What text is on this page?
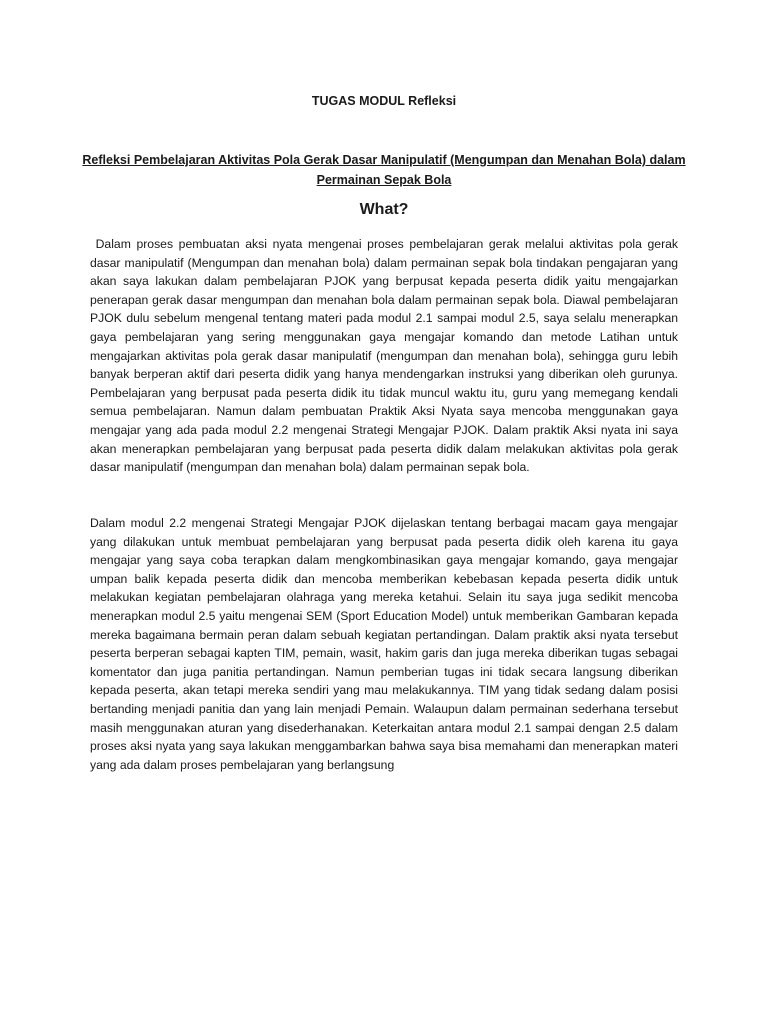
TUGAS MODUL Refleksi
Refleksi Pembelajaran Aktivitas Pola Gerak Dasar Manipulatif (Mengumpan dan Menahan Bola) dalam Permainan Sepak Bola
What?

Dalam proses pembuatan aksi nyata mengenai proses pembelajaran gerak melalui aktivitas pola gerak dasar manipulatif (Mengumpan dan menahan bola) dalam permainan sepak bola tindakan pengajaran yang akan saya lakukan dalam pembelajaran PJOK yang berpusat kepada peserta didik yaitu mengajarkan penerapan gerak dasar mengumpan dan menahan bola dalam permainan sepak bola. Diawal pembelajaran PJOK dulu sebelum mengenal tentang materi pada modul 2.1 sampai modul 2.5, saya selalu menerapkan gaya pembelajaran yang sering menggunakan gaya mengajar komando dan metode Latihan untuk mengajarkan aktivitas pola gerak dasar manipulatif (mengumpan dan menahan bola), sehingga guru lebih banyak berperan aktif dari peserta didik yang hanya mendengarkan instruksi yang diberikan oleh gurunya. Pembelajaran yang berpusat pada peserta didik itu tidak muncul waktu itu, guru yang memegang kendali semua pembelajaran. Namun dalam pembuatan Praktik Aksi Nyata saya mencoba menggunakan gaya mengajar yang ada pada modul 2.2 mengenai Strategi Mengajar PJOK. Dalam praktik Aksi nyata ini saya akan menerapkan pembelajaran yang berpusat pada peserta didik dalam melakukan aktivitas pola gerak dasar manipulatif (mengumpan dan menahan bola) dalam permainan sepak bola.

Dalam modul 2.2 mengenai Strategi Mengajar PJOK dijelaskan tentang berbagai macam gaya mengajar yang dilakukan untuk membuat pembelajaran yang berpusat pada peserta didik oleh karena itu gaya mengajar yang saya coba terapkan dalam mengkombinasikan gaya mengajar komando, gaya mengajar umpan balik kepada peserta didik dan mencoba memberikan kebebasan kepada peserta didik untuk melakukan kegiatan pembelajaran olahraga yang mereka ketahui. Selain itu saya juga sedikit mencoba menerapkan modul 2.5 yaitu mengenai SEM (Sport Education Model) untuk memberikan Gambaran kepada mereka bagaimana bermain peran dalam sebuah kegiatan pertandingan. Dalam praktik aksi nyata tersebut peserta berperan sebagai kapten TIM, pemain, wasit, hakim garis dan juga mereka diberikan tugas sebagai komentator dan juga panitia pertandingan. Namun pemberian tugas ini tidak secara langsung diberikan kepada peserta, akan tetapi mereka sendiri yang mau melakukannya. TIM yang tidak sedang dalam posisi bertanding menjadi panitia dan yang lain menjadi Pemain. Walaupun dalam permainan sederhana tersebut masih menggunakan aturan yang disederhanakan. Keterkaitan antara modul 2.1 sampai dengan 2.5 dalam proses aksi nyata yang saya lakukan menggambarkan bahwa saya bisa memahami dan menerapkan materi yang ada dalam proses pembelajaran yang berlangsung
